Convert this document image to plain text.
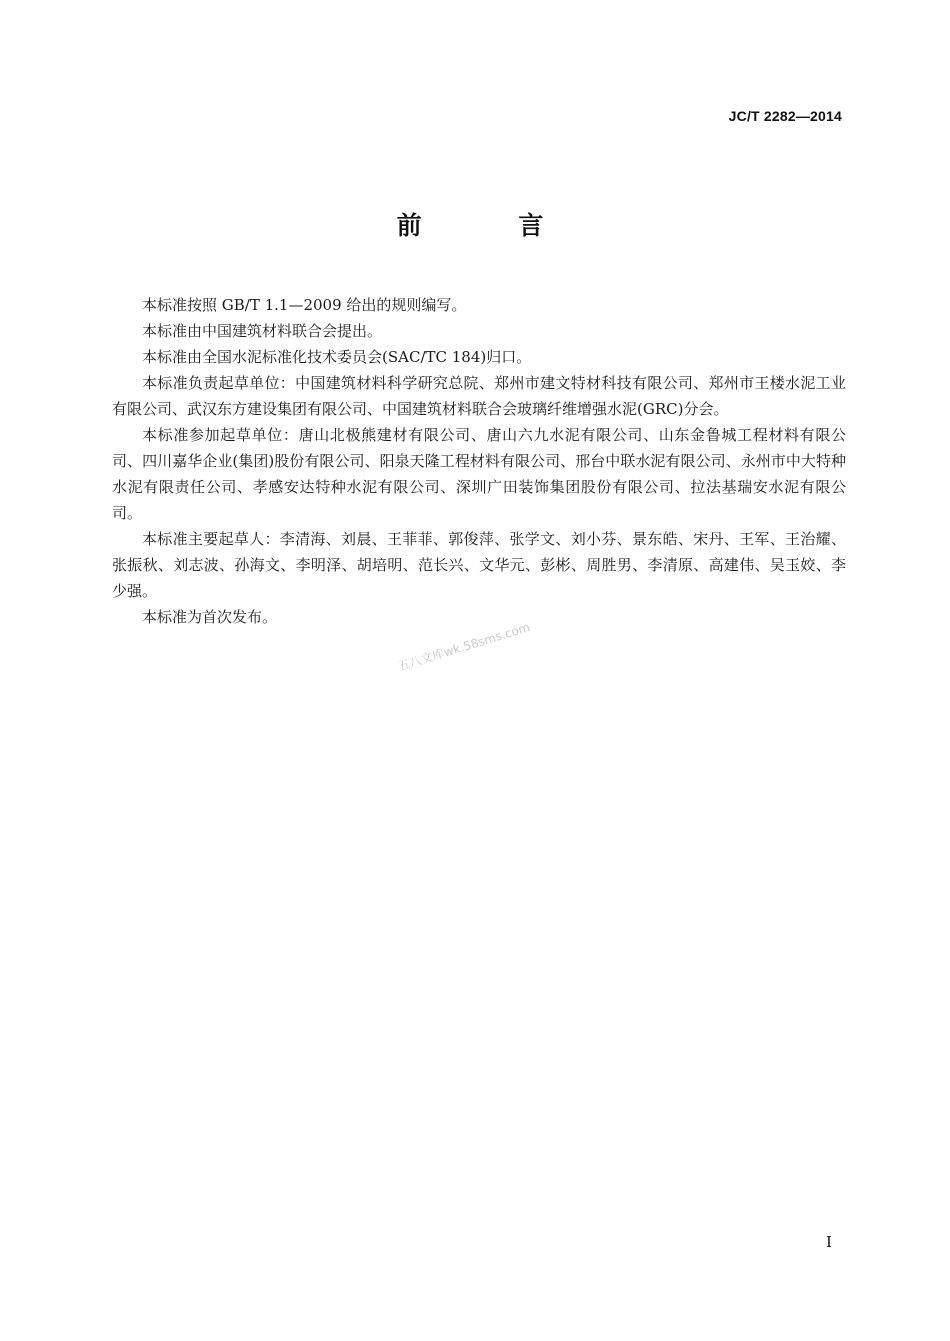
JC/T 2282—2014
前 言

本标准按照 GB/T 1.1—2009 给出的规则编写。

本标准由中国建筑材料联合会提出。

本标准由全国水泥标准化技术委员会(SAC/TC 184)归口。

本标准负责起草单位：中国建筑材料科学研究总院、郑州市建文特材科技有限公司、郑州市王楼水泥工业有限公司、武汉东方建设集团有限公司、中国建筑材料联合会玻璃纤维增强水泥(GRC)分会。

本标准参加起草单位：唐山北极熊建材有限公司、唐山六九水泥有限公司、山东金鲁城工程材料有限公司、四川嘉华企业(集团)股份有限公司、阳泉天隆工程材料有限公司、邢台中联水泥有限公司、永州市中大特种水泥有限责任公司、孝感安达特种水泥有限公司、深圳广田装饰集团股份有限公司、拉法基瑞安水泥有限公司。

本标准主要起草人：李清海、刘晨、王菲菲、郭俊萍、张学文、刘小芬、景东皓、宋丹、王军、王治耀、张振秋、刘志波、孙海文、李明泽、胡培明、范长兴、文华元、彭彬、周胜男、李清原、高建伟、吴玉姣、李少强。

本标准为首次发布。

五八文库wk.58sms.com
I
